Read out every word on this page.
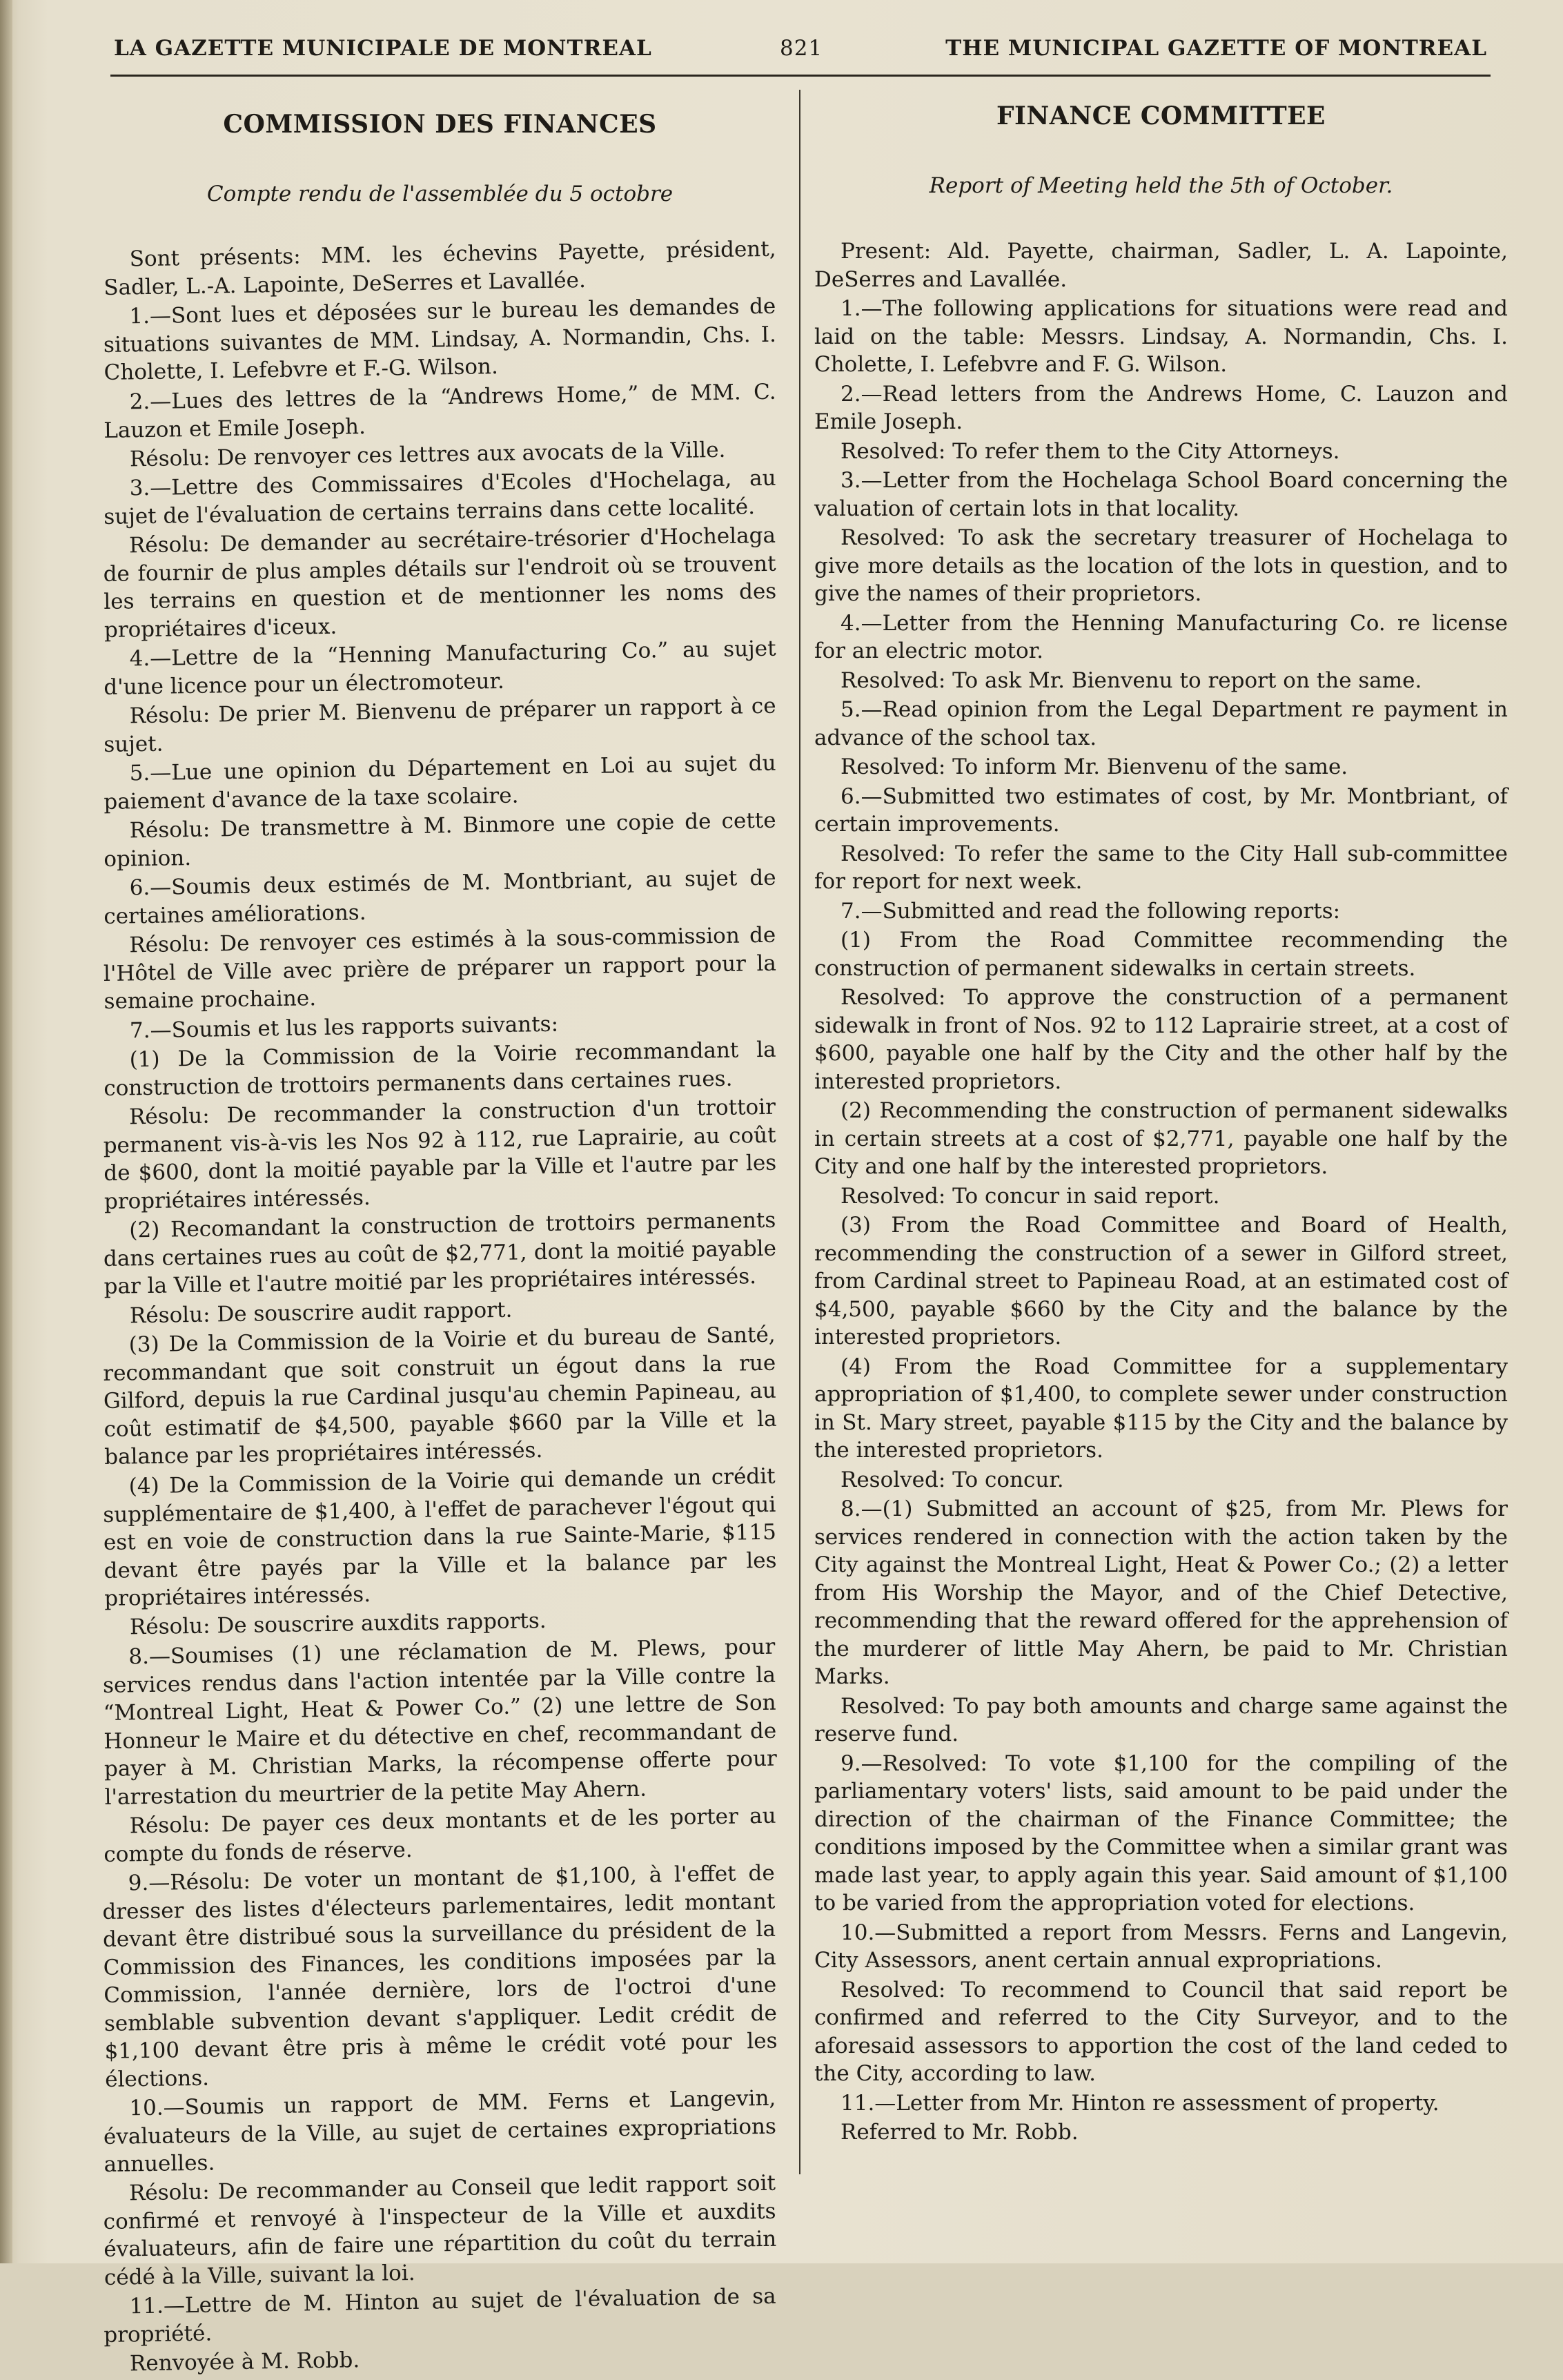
LA GAZETTE MUNICIPALE DE MONTREAL	821	THE MUNICIPAL GAZETTE OF MONTREAL
COMMISSION DES FINANCES
Compte rendu de l'assemblée du 5 octobre

Sont présents: MM. les échevins Payette, président, Sadler, L.-A. Lapointe, DeSerres et Lavallée.

1.—Sont lues et déposées sur le bureau les demandes de situations suivantes de MM. Lindsay, A. Normandin, Chs. I. Cholette, I. Lefebvre et F.-G. Wilson.

2.—Lues des lettres de la “Andrews Home,” de MM. C. Lauzon et Emile Joseph.

Résolu: De renvoyer ces lettres aux avocats de la Ville.

3.—Lettre des Commissaires d'Ecoles d'Hochelaga, au sujet de l'évaluation de certains terrains dans cette localité.

Résolu: De demander au secrétaire-trésorier d'Hochelaga de fournir de plus amples détails sur l'endroit où se trouvent les terrains en question et de mentionner les noms des propriétaires d'iceux.

4.—Lettre de la “Henning Manufacturing Co.” au sujet d'une licence pour un électromoteur.

Résolu: De prier M. Bienvenu de préparer un rapport à ce sujet.

5.—Lue une opinion du Département en Loi au sujet du paiement d'avance de la taxe scolaire.

Résolu: De transmettre à M. Binmore une copie de cette opinion.

6.—Soumis deux estimés de M. Montbriant, au sujet de certaines améliorations.

Résolu: De renvoyer ces estimés à la sous-commission de l'Hôtel de Ville avec prière de préparer un rapport pour la semaine prochaine.

7.—Soumis et lus les rapports suivants:

(1) De la Commission de la Voirie recommandant la construction de trottoirs permanents dans certaines rues.

Résolu: De recommander la construction d'un trottoir permanent vis-à-vis les Nos 92 à 112, rue Laprairie, au coût de $600, dont la moitié payable par la Ville et l'autre par les propriétaires intéressés.

(2) Recomandant la construction de trottoirs permanents dans certaines rues au coût de $2,771, dont la moitié payable par la Ville et l'autre moitié par les propriétaires intéressés.

Résolu: De souscrire audit rapport.

(3) De la Commission de la Voirie et du bureau de Santé, recommandant que soit construit un égout dans la rue Gilford, depuis la rue Cardinal jusqu'au chemin Papineau, au coût estimatif de $4,500, payable $660 par la Ville et la balance par les propriétaires intéressés.

(4) De la Commission de la Voirie qui demande un crédit supplémentaire de $1,400, à l'effet de parachever l'égout qui est en voie de construction dans la rue Sainte-Marie, $115 devant être payés par la Ville et la balance par les propriétaires intéressés.

Résolu: De souscrire auxdits rapports.

8.—Soumises (1) une réclamation de M. Plews, pour services rendus dans l'action intentée par la Ville contre la “Montreal Light, Heat & Power Co.” (2) une lettre de Son Honneur le Maire et du détective en chef, recommandant de payer à M. Christian Marks, la récompense offerte pour l'arrestation du meurtrier de la petite May Ahern.

Résolu: De payer ces deux montants et de les porter au compte du fonds de réserve.

9.—Résolu: De voter un montant de $1,100, à l'effet de dresser des listes d'électeurs parlementaires, ledit montant devant être distribué sous la surveillance du président de la Commission des Finances, les conditions imposées par la Commission, l'année dernière, lors de l'octroi d'une semblable subvention devant s'appliquer. Ledit crédit de $1,100 devant être pris à même le crédit voté pour les élections.

10.—Soumis un rapport de MM. Ferns et Langevin, évaluateurs de la Ville, au sujet de certaines expropriations annuelles.

Résolu: De recommander au Conseil que ledit rapport soit confirmé et renvoyé à l'inspecteur de la Ville et auxdits évaluateurs, afin de faire une répartition du coût du terrain cédé à la Ville, suivant la loi.

11.—Lettre de M. Hinton au sujet de l'évaluation de sa propriété.

Renvoyée à M. Robb.

FINANCE COMMITTEE
Report of Meeting held the 5th of October.

Present: Ald. Payette, chairman, Sadler, L. A. Lapointe, DeSerres and Lavallée.

1.—The following applications for situations were read and laid on the table: Messrs. Lindsay, A. Normandin, Chs. I. Cholette, I. Lefebvre and F. G. Wilson.

2.—Read letters from the Andrews Home, C. Lauzon and Emile Joseph.

Resolved: To refer them to the City Attorneys.

3.—Letter from the Hochelaga School Board concerning the valuation of certain lots in that locality.

Resolved: To ask the secretary treasurer of Hochelaga to give more details as the location of the lots in question, and to give the names of their proprietors.

4.—Letter from the Henning Manufacturing Co. re license for an electric motor.

Resolved: To ask Mr. Bienvenu to report on the same.

5.—Read opinion from the Legal Department re payment in advance of the school tax.

Resolved: To inform Mr. Bienvenu of the same.

6.—Submitted two estimates of cost, by Mr. Montbriant, of certain improvements.

Resolved: To refer the same to the City Hall sub-committee for report for next week.

7.—Submitted and read the following reports:

(1) From the Road Committee recommending the construction of permanent sidewalks in certain streets.

Resolved: To approve the construction of a permanent sidewalk in front of Nos. 92 to 112 Laprairie street, at a cost of $600, payable one half by the City and the other half by the interested proprietors.

(2) Recommending the construction of permanent sidewalks in certain streets at a cost of $2,771, payable one half by the City and one half by the interested proprietors.

Resolved: To concur in said report.

(3) From the Road Committee and Board of Health, recommending the construction of a sewer in Gilford street, from Cardinal street to Papineau Road, at an estimated cost of $4,500, payable $660 by the City and the balance by the interested proprietors.

(4) From the Road Committee for a supplementary appropriation of $1,400, to complete sewer under construction in St. Mary street, payable $115 by the City and the balance by the interested proprietors.

Resolved: To concur.

8.—(1) Submitted an account of $25, from Mr. Plews for services rendered in connection with the action taken by the City against the Montreal Light, Heat & Power Co.; (2) a letter from His Worship the Mayor, and of the Chief Detective, recommending that the reward offered for the apprehension of the murderer of little May Ahern, be paid to Mr. Christian Marks.

Resolved: To pay both amounts and charge same against the reserve fund.

9.—Resolved: To vote $1,100 for the compiling of the parliamentary voters' lists, said amount to be paid under the direction of the chairman of the Finance Committee; the conditions imposed by the Committee when a similar grant was made last year, to apply again this year. Said amount of $1,100 to be varied from the appropriation voted for elections.

10.—Submitted a report from Messrs. Ferns and Langevin, City Assessors, anent certain annual expropriations.

Resolved: To recommend to Council that said report be confirmed and referred to the City Surveyor, and to the aforesaid assessors to apportion the cost of the land ceded to the City, according to law.

11.—Letter from Mr. Hinton re assessment of property.

Referred to Mr. Robb.
